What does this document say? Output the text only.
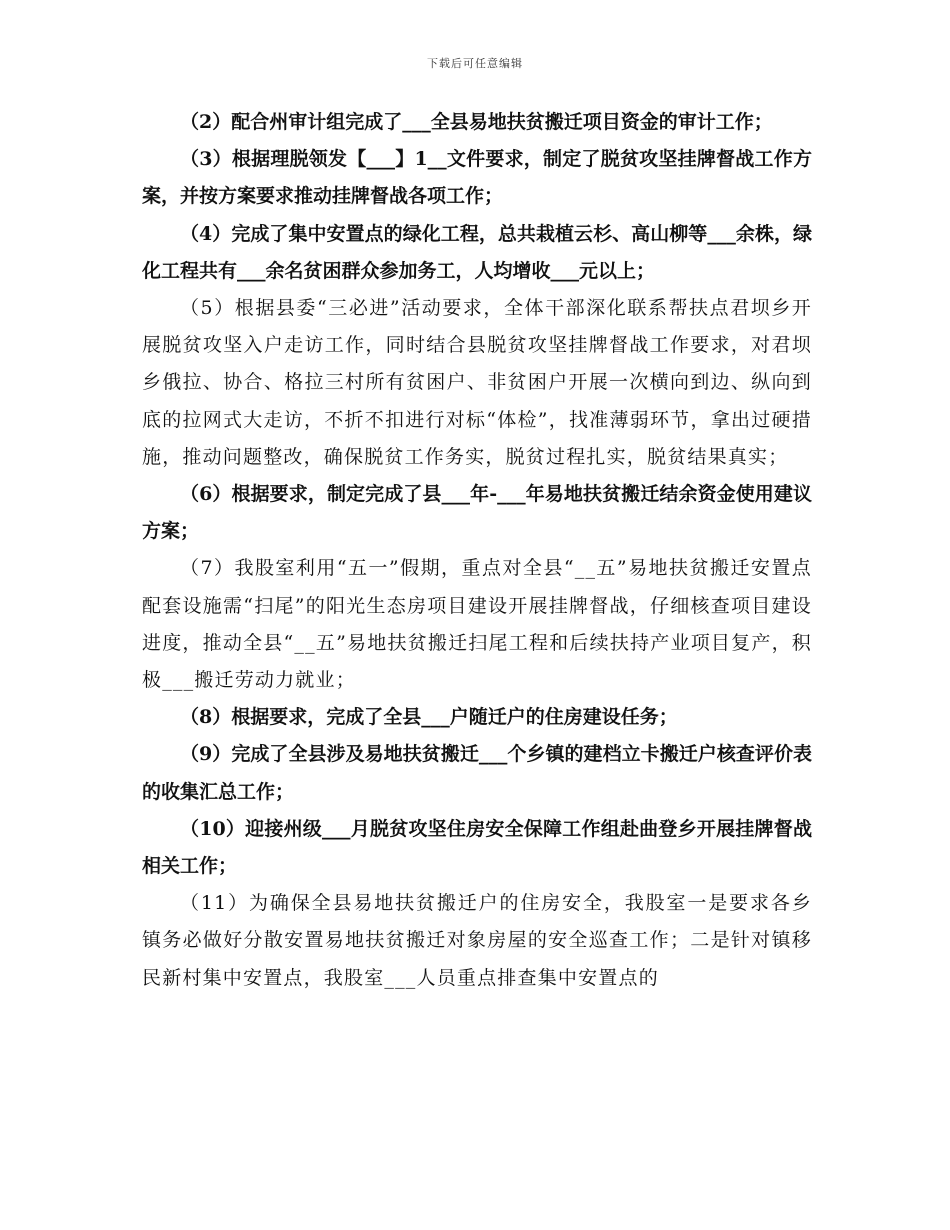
下载后可任意编辑

（2）配合州审计组完成了___全县易地扶贫搬迁项目资金的审计工作；

（3）根据理脱领发【___】1__文件要求，制定了脱贫攻坚挂牌督战工作方案，并按方案要求推动挂牌督战各项工作；

（4）完成了集中安置点的绿化工程，总共栽植云杉、高山柳等___余株，绿化工程共有___余名贫困群众参加务工，人均增收___元以上；

（5）根据县委“三必进”活动要求，全体干部深化联系帮扶点君坝乡开展脱贫攻坚入户走访工作，同时结合县脱贫攻坚挂牌督战工作要求，对君坝乡俄拉、协合、格拉三村所有贫困户、非贫困户开展一次横向到边、纵向到底的拉网式大走访，不折不扣进行对标“体检”，找准薄弱环节，拿出过硬措施，推动问题整改，确保脱贫工作务实，脱贫过程扎实，脱贫结果真实；

（6）根据要求，制定完成了县___年-___年易地扶贫搬迁结余资金使用建议方案；

（7）我股室利用“五一”假期，重点对全县“__五”易地扶贫搬迁安置点配套设施需“扫尾”的阳光生态房项目建设开展挂牌督战，仔细核查项目建设进度，推动全县“__五”易地扶贫搬迁扫尾工程和后续扶持产业项目复产，积极___搬迁劳动力就业；

（8）根据要求，完成了全县___户随迁户的住房建设任务；

（9）完成了全县涉及易地扶贫搬迁___个乡镇的建档立卡搬迁户核查评价表的收集汇总工作；

（10）迎接州级___月脱贫攻坚住房安全保障工作组赴曲登乡开展挂牌督战相关工作；

（11）为确保全县易地扶贫搬迁户的住房安全，我股室一是要求各乡镇务必做好分散安置易地扶贫搬迁对象房屋的安全巡查工作；二是针对镇移民新村集中安置点，我股室___人员重点排查集中安置点的
